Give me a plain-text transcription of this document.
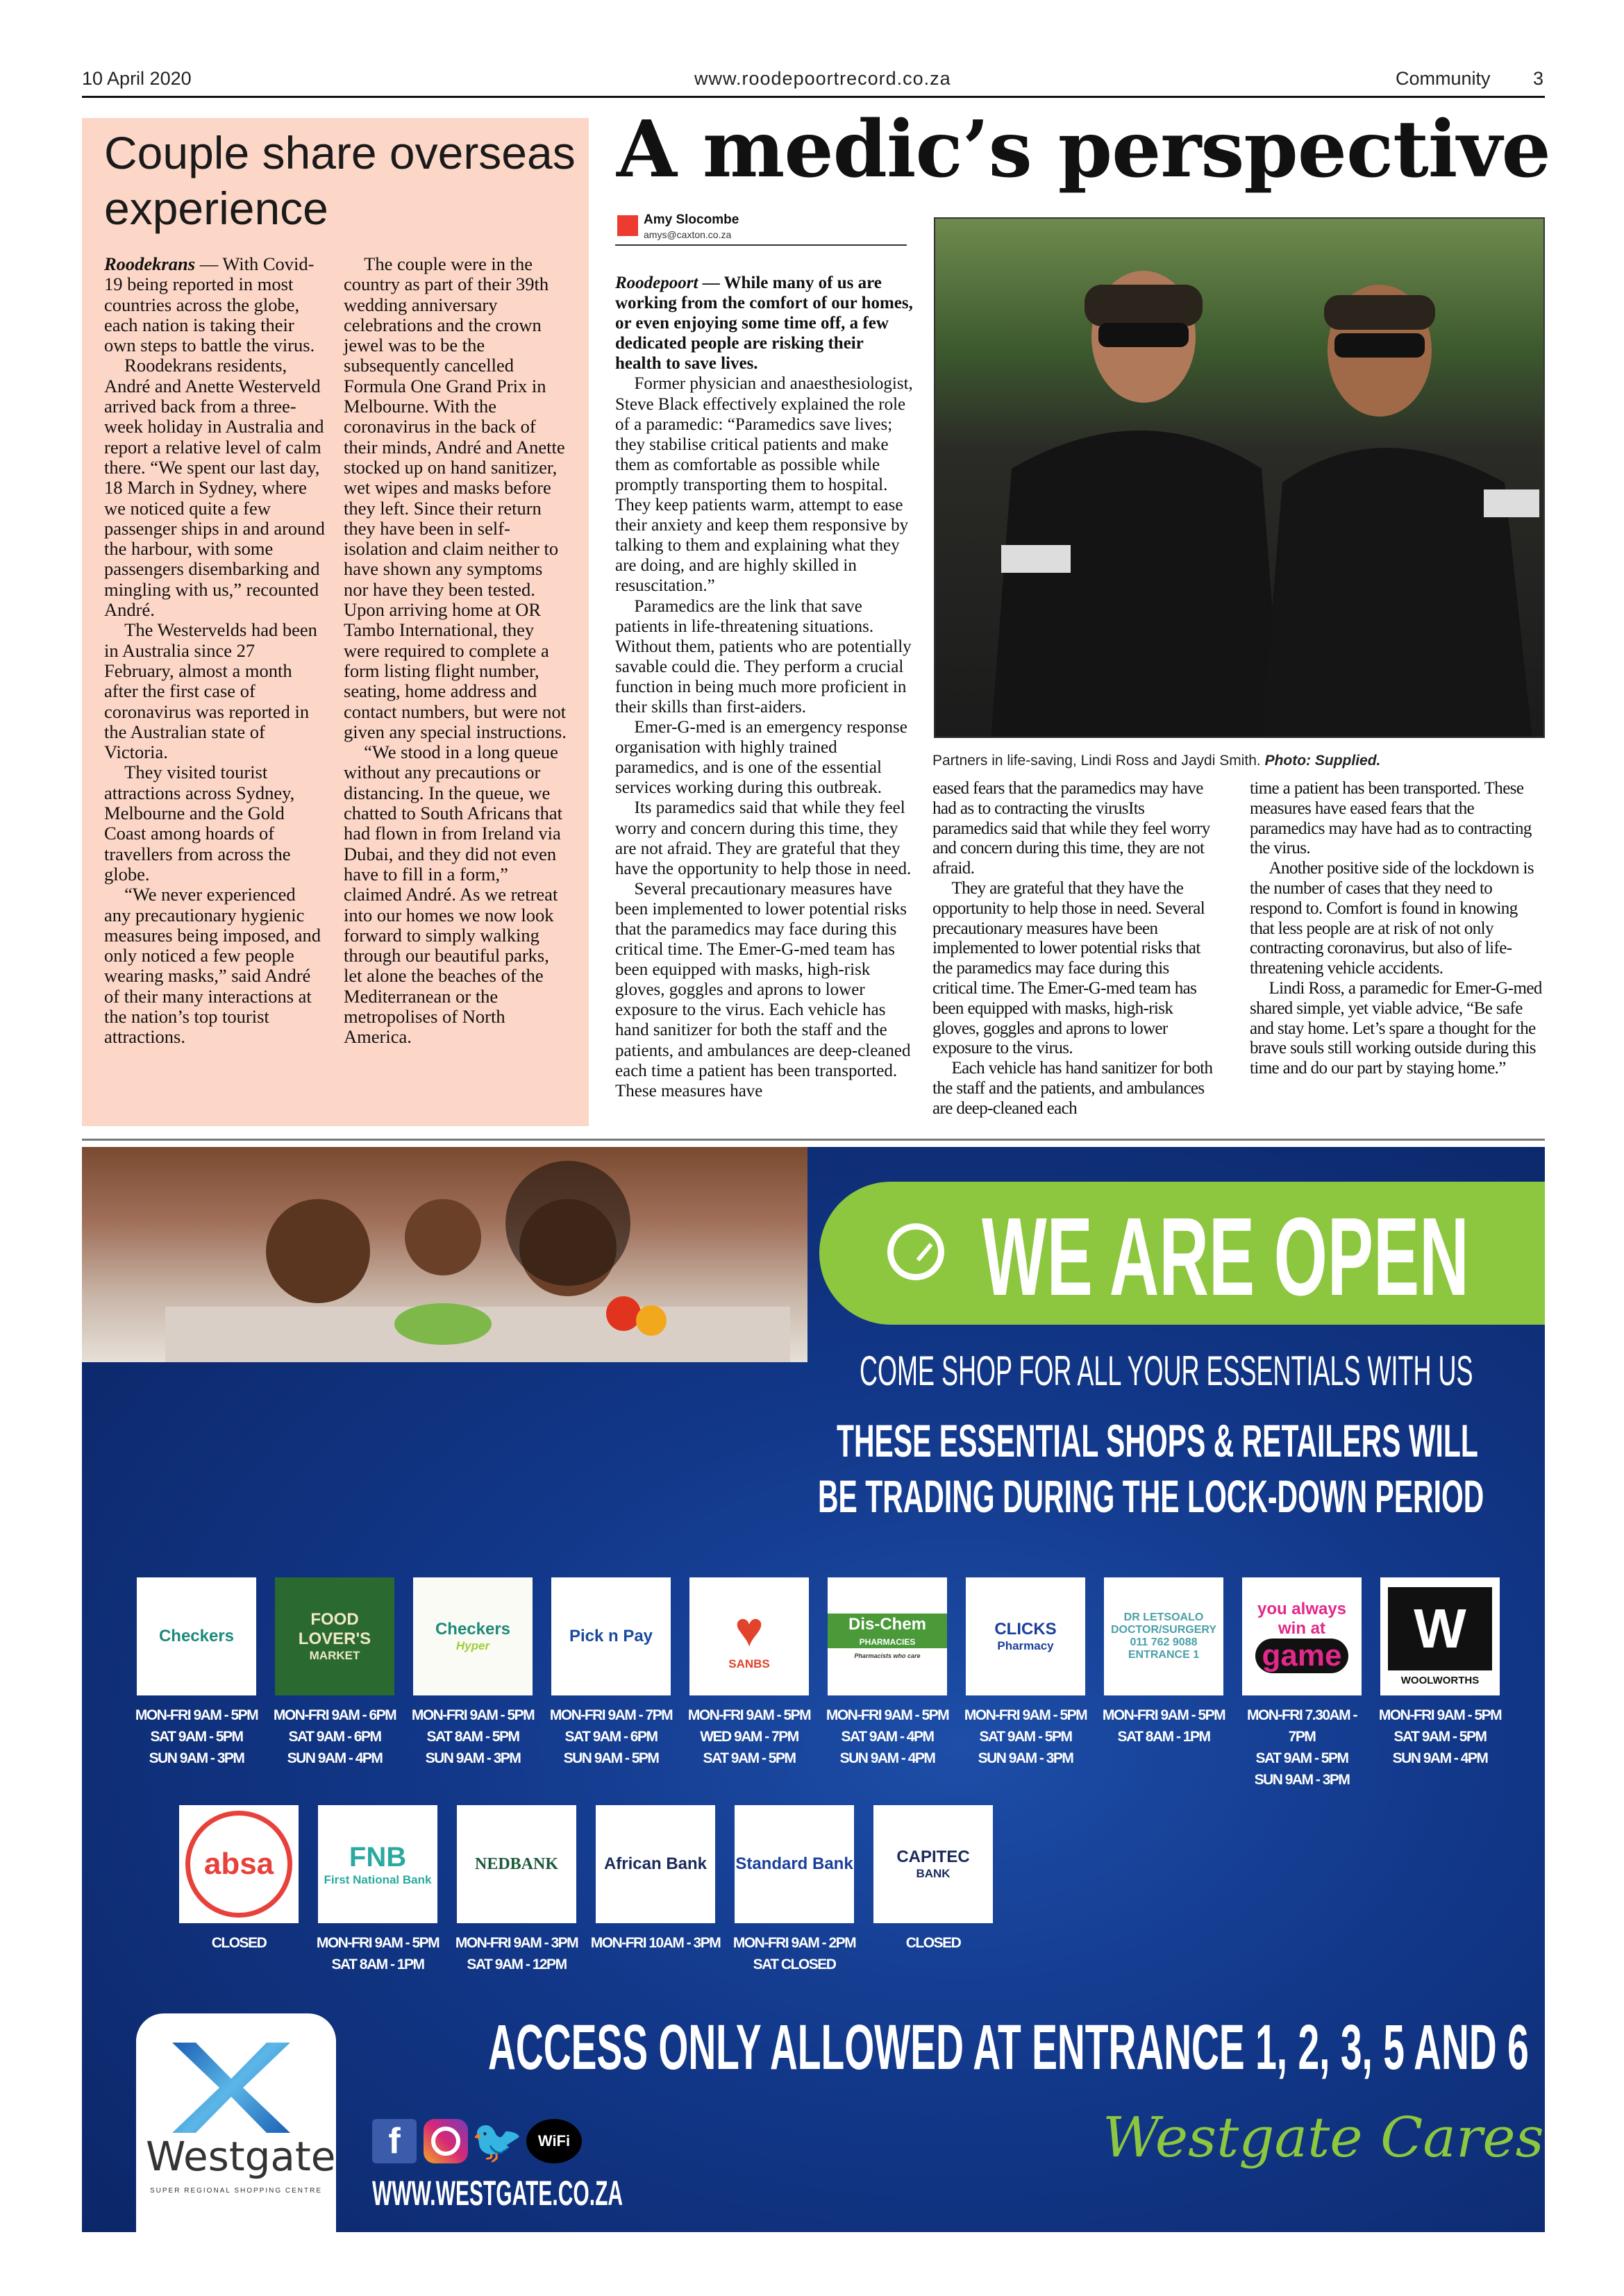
10 April 2020	www.roodepoortrecord.co.za	Community 3
Couple share overseas experience

Roodekrans — With Covid-19 being reported in most countries across the globe, each nation is taking their own steps to battle the virus.

Roodekrans residents, André and Anette Westerveld arrived back from a three-week holiday in Australia and report a relative level of calm there. “We spent our last day, 18 March in Sydney, where we noticed quite a few passenger ships in and around the harbour, with some passengers disembarking and mingling with us,” recounted André.

The Westervelds had been in Australia since 27 February, almost a month after the first case of coronavirus was reported in the Australian state of Victoria.

They visited tourist attractions across Sydney, Melbourne and the Gold Coast among hoards of travellers from across the globe.

“We never experienced any precautionary hygienic measures being imposed, and only noticed a few people wearing masks,” said André of their many interactions at the nation’s top tourist attractions.

The couple were in the country as part of their 39th wedding anniversary celebrations and the crown jewel was to be the subsequently cancelled Formula One Grand Prix in Melbourne. With the coronavirus in the back of their minds, André and Anette stocked up on hand sanitizer, wet wipes and masks before they left. Since their return they have been in self-isolation and claim neither to have shown any symptoms nor have they been tested. Upon arriving home at OR Tambo International, they were required to complete a form listing flight number, seating, home address and contact numbers, but were not given any special instructions.

“We stood in a long queue without any precautions or distancing. In the queue, we chatted to South Africans that had flown in from Ireland via Dubai, and they did not even have to fill in a form,” claimed André. As we retreat into our homes we now look forward to simply walking through our beautiful parks, let alone the beaches of the Mediterranean or the metropolises of North America.

A medic’s perspective
Amy Slocombe
amys@caxton.co.za

Roodepoort — While many of us are working from the comfort of our homes, or even enjoying some time off, a few dedicated people are risking their health to save lives.

Former physician and anaesthesiologist, Steve Black effectively explained the role of a paramedic: “Paramedics save lives; they stabilise critical patients and make them as comfortable as possible while promptly transporting them to hospital. They keep patients warm, attempt to ease their anxiety and keep them responsive by talking to them and explaining what they are doing, and are highly skilled in resuscitation.”

Paramedics are the link that save patients in life-threatening situations. Without them, patients who are potentially savable could die. They perform a crucial function in being much more proficient in their skills than first-aiders.

Emer-G-med is an emergency response organisation with highly trained paramedics, and is one of the essential services working during this outbreak.

Its paramedics said that while they feel worry and concern during this time, they are not afraid. They are grateful that they have the opportunity to help those in need.

Several precautionary measures have been implemented to lower potential risks that the paramedics may face during this critical time. The Emer-G-med team has been equipped with masks, high-risk gloves, goggles and aprons to lower exposure to the virus. Each vehicle has hand sanitizer for both the staff and the patients, and ambulances are deep-cleaned each time a patient has been transported. These measures have

Partners in life-saving, Lindi Ross and Jaydi Smith. Photo: Supplied.

eased fears that the paramedics may have had as to contracting the virusIts paramedics said that while they feel worry and concern during this time, they are not afraid.

They are grateful that they have the opportunity to help those in need. Several precautionary measures have been implemented to lower potential risks that the paramedics may face during this critical time. The Emer-G-med team has been equipped with masks, high-risk gloves, goggles and aprons to lower exposure to the virus.

Each vehicle has hand sanitizer for both the staff and the patients, and ambulances are deep-cleaned each

time a patient has been transported. These measures have eased fears that the paramedics may have had as to contracting the virus.

Another positive side of the lockdown is the number of cases that they need to respond to. Comfort is found in knowing that less people are at risk of not only contracting coronavirus, but also of life-threatening vehicle accidents.

Lindi Ross, a paramedic for Emer-G-med shared simple, yet viable advice, “Be safe and stay home. Let’s spare a thought for the brave souls still working outside during this time and do our part by staying home.”

WE ARE OPEN
COME SHOP FOR ALL YOUR ESSENTIALS WITH US
THESE ESSENTIAL SHOPS & RETAILERS WILL
BE TRADING DURING THE LOCK-DOWN PERIOD
Checkers
MON-FRI 9AM - 5PM
SAT 9AM - 5PM
SUN 9AM - 3PM
FOOD LOVER'S
MARKET
MON-FRI 9AM - 6PM
SAT 9AM - 6PM
SUN 9AM - 4PM
Checkers
Hyper
MON-FRI 9AM - 5PM
SAT 8AM - 5PM
SUN 9AM - 3PM
Pick n Pay
MON-FRI 9AM - 7PM
SAT 9AM - 6PM
SUN 9AM - 5PM
♥
SANBS
MON-FRI 9AM - 5PM
WED 9AM - 7PM
SAT 9AM - 5PM
Dis-Chem
PHARMACIES
Pharmacists who care
MON-FRI 9AM - 5PM
SAT 9AM - 4PM
SUN 9AM - 4PM
CLICKS
Pharmacy
MON-FRI 9AM - 5PM
SAT 9AM - 5PM
SUN 9AM - 3PM
DR LETSOALO
DOCTOR/SURGERY
011 762 9088
ENTRANCE 1
MON-FRI 9AM - 5PM
SAT 8AM - 1PM
you always win at
game
MON-FRI 7.30AM - 7PM
SAT 9AM - 5PM
SUN 9AM - 3PM
W
WOOLWORTHS
MON-FRI 9AM - 5PM
SAT 9AM - 5PM
SUN 9AM - 4PM
absa
CLOSED
FNB
First National Bank
MON-FRI 9AM - 5PM
SAT 8AM - 1PM
NEDBANK
MON-FRI 9AM - 3PM
SAT 9AM - 12PM
African Bank
MON-FRI 10AM - 3PM
Standard Bank
MON-FRI 9AM - 2PM
SAT CLOSED
CAPITEC
BANK
CLOSED
ACCESS ONLY ALLOWED AT ENTRANCE 1, 2, 3, 5 AND 6
Westgate
SUPER REGIONAL SHOPPING CENTRE
f	🐦 WiFi
WWW.WESTGATE.CO.ZA
Westgate Cares
